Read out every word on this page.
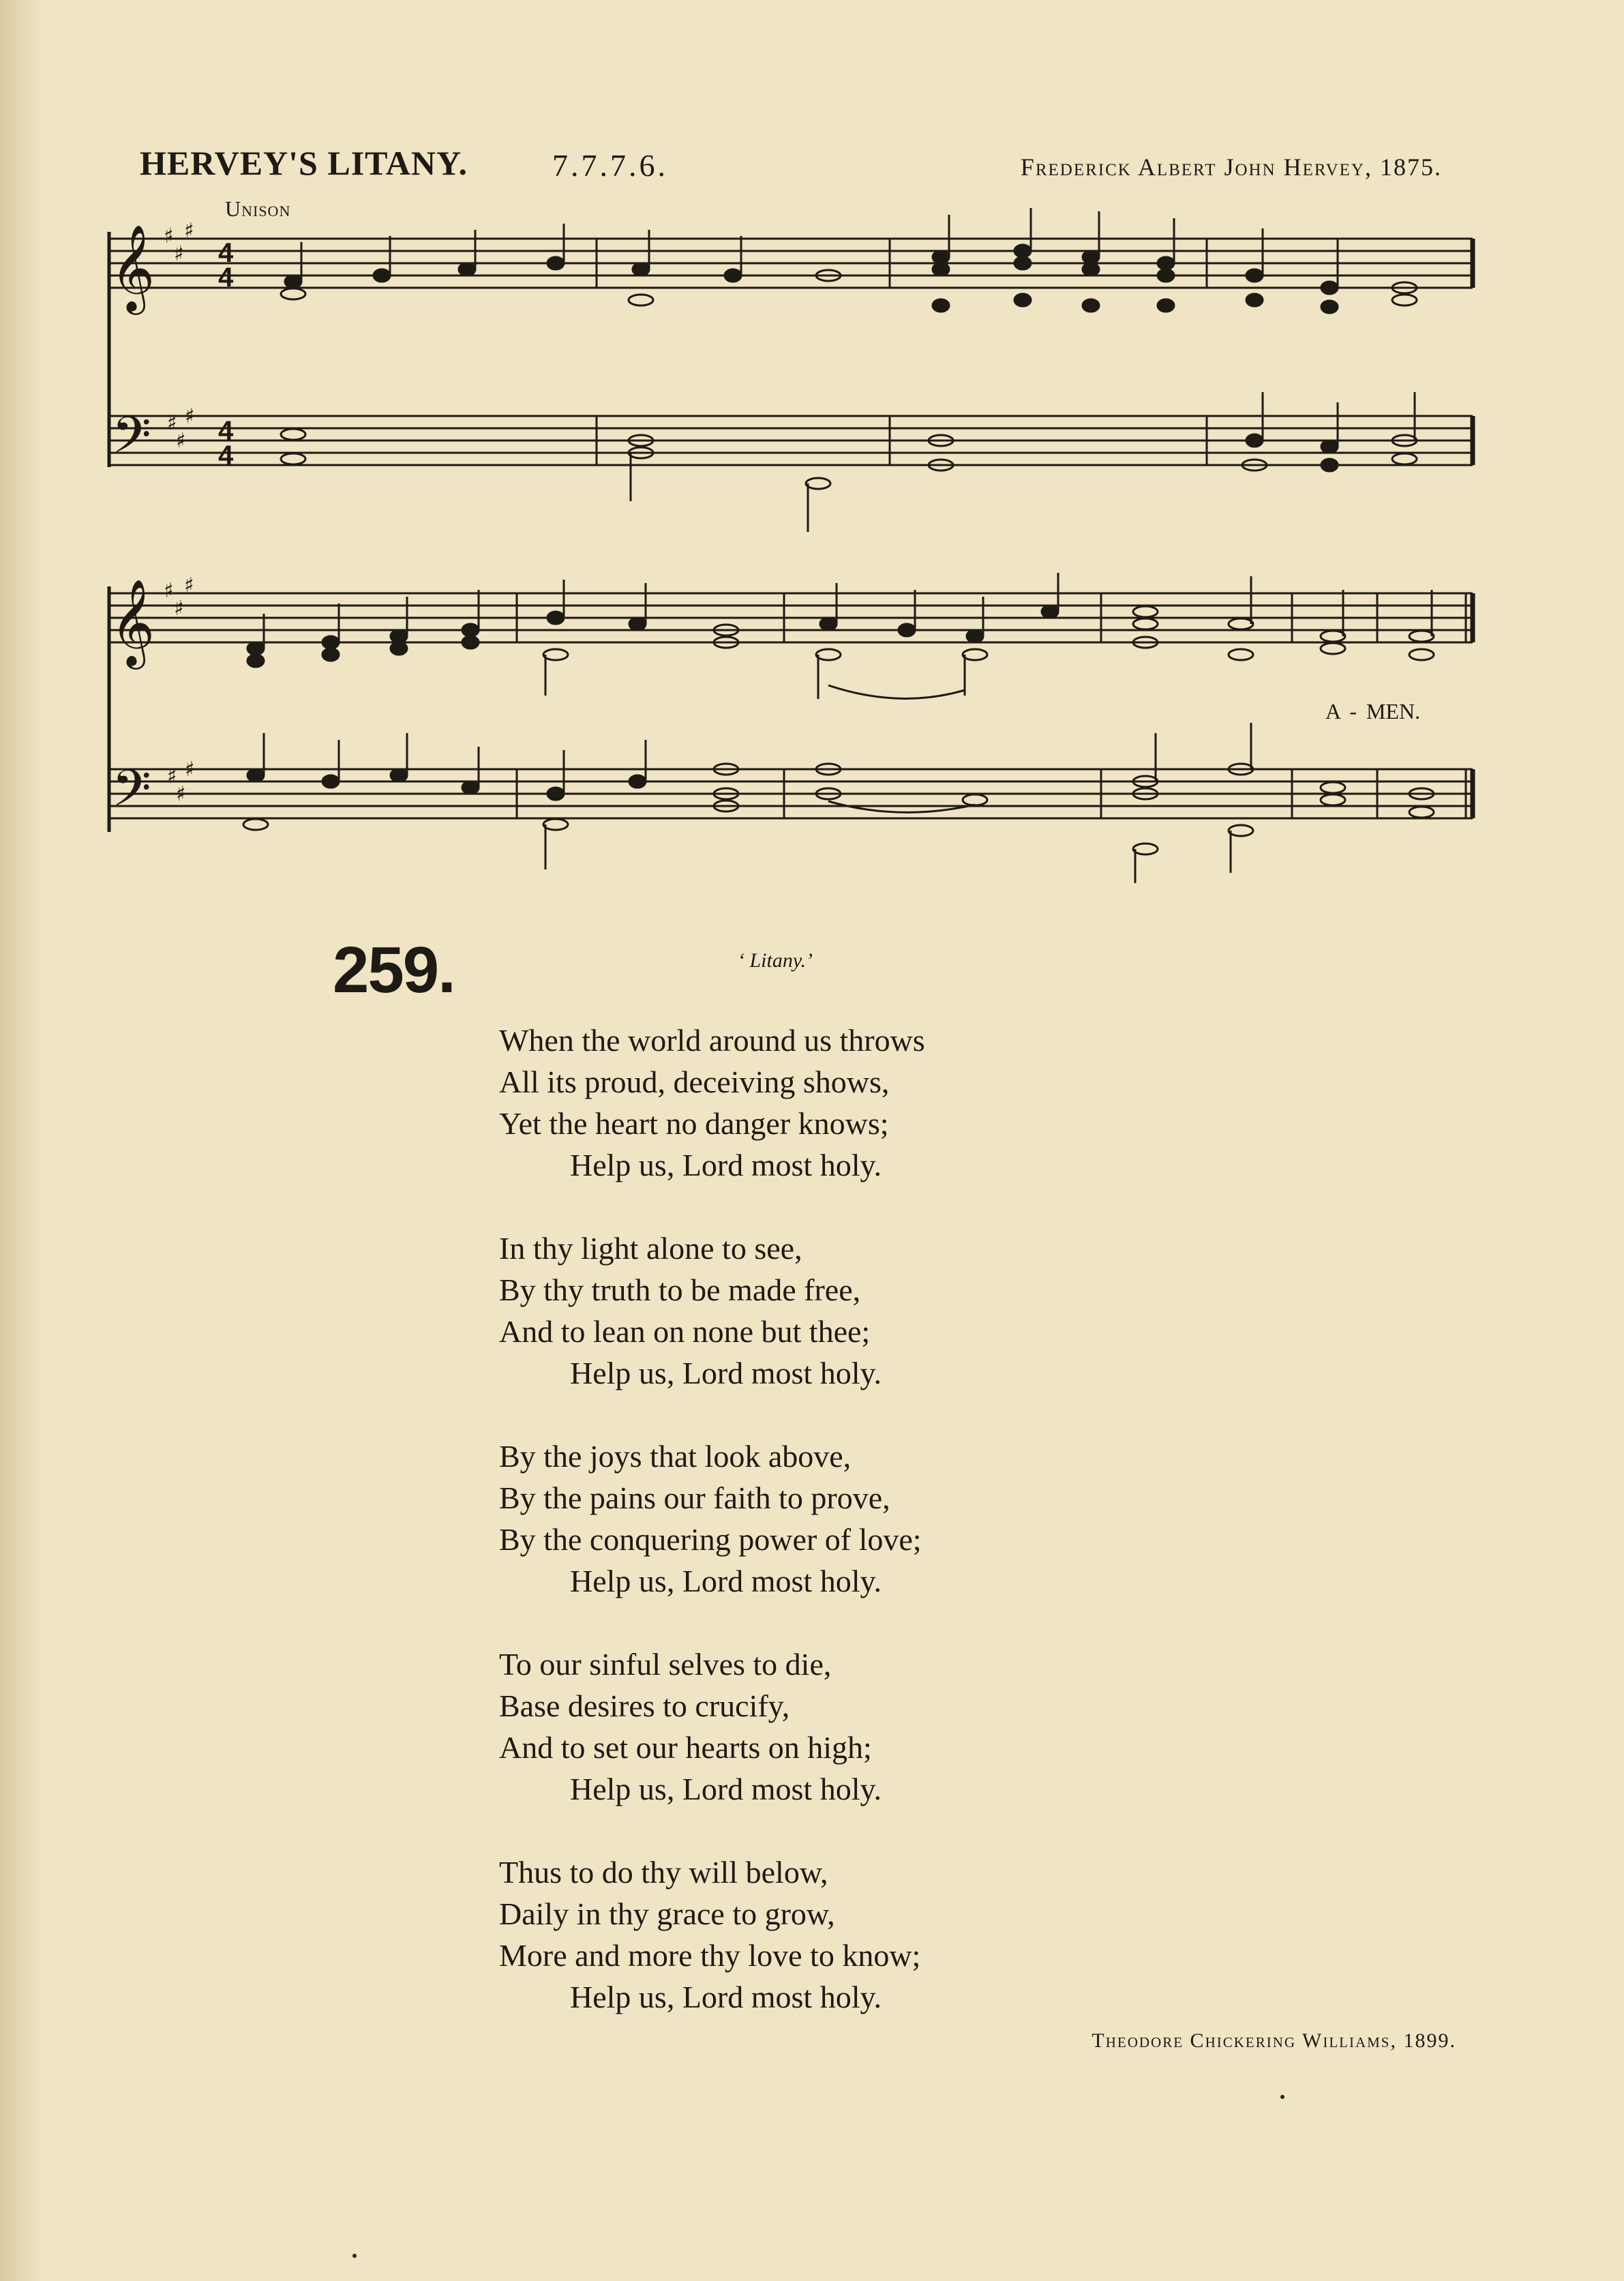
HERVEY'S LITANY.	7.7.7.6.	Frederick Albert John Hervey, 1875.
Unison
𝄞 ♯
♯
♯
4
4
𝄢 ♯
♯
♯ 4
4
𝄞 ♯
♯
♯
𝄢 ♯
♯
♯
A - MEN.
259.	‘ Litany.’
When the world around us throws
All its proud, deceiving shows,
Yet the heart no danger knows;
Help us, Lord most holy.
In thy light alone to see,
By thy truth to be made free,
And to lean on none but thee;
Help us, Lord most holy.
By the joys that look above,
By the pains our faith to prove,
By the conquering power of love;
Help us, Lord most holy.
To our sinful selves to die,
Base desires to crucify,
And to set our hearts on high;
Help us, Lord most holy.
Thus to do thy will below,
Daily in thy grace to grow,
More and more thy love to know;
Help us, Lord most holy.
Theodore Chickering Williams, 1899.
